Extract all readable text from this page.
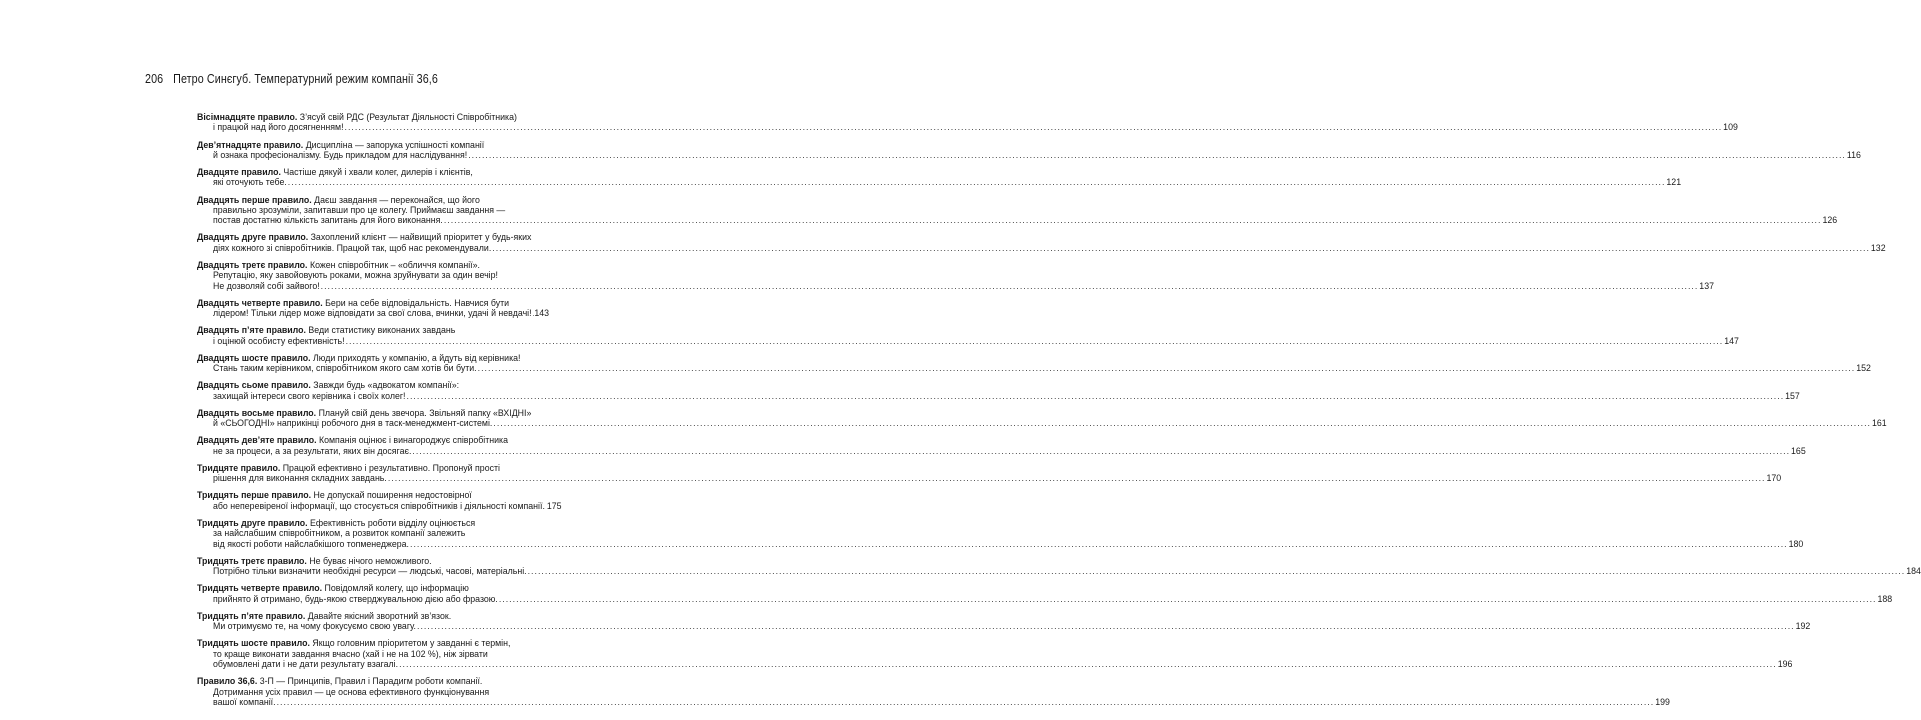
206 Петро Синєгуб. Температурний режим компанії 36,6
Вісімнадцяте правило. З’ясуй свій РДС (Результат Діяльності Співробітника)
і працюй над його досягненням! ................................................................................................................................................................................................................................................................................................................................................................................................................ 109
Дев’ятнадцяте правило. Дисципліна — запорука успішності компанії
й ознака професіоналізму. Будь прикладом для наслідування! ................................................................................................................................................................................................................................................................................................................................................................................................................ 116
Двадцяте правило. Частіше дякуй і хвали колег, дилерів і клієнтів,
які оточують тебе. ................................................................................................................................................................................................................................................................................................................................................................................................................ 121
Двадцять перше правило. Даєш завдання — переконайся, що його
правильно зрозуміли, запитавши про це колегу. Приймаєш завдання —
постав достатню кількість запитань для його виконання. ................................................................................................................................................................................................................................................................................................................................................................................................................ 126
Двадцять друге правило. Захоплений клієнт — найвищий пріоритет у будь-яких
діях кожного зі співробітників. Працюй так, щоб нас рекомендували. ................................................................................................................................................................................................................................................................................................................................................................................................................ 132
Двадцять третє правило. Кожен співробітник – «обличчя компанії».
Репутацію, яку завойовують роками, можна зруйнувати за один вечір!
Не дозволяй собі зайвого! ................................................................................................................................................................................................................................................................................................................................................................................................................ 137
Двадцять четверте правило. Бери на себе відповідальність. Навчися бути
лідером! Тільки лідер може відповідати за свої слова, вчинки, удачі й невдачі! 143
Двадцять п’яте правило. Веди статистику виконаних завдань
і оцінюй особисту ефективність! ................................................................................................................................................................................................................................................................................................................................................................................................................ 147
Двадцять шосте правило. Люди приходять у компанію, а йдуть від керівника!
Стань таким керівником, співробітником якого сам хотів би бути. ................................................................................................................................................................................................................................................................................................................................................................................................................ 152
Двадцять сьоме правило. Завжди будь «адвокатом компанії»:
захищай інтереси свого керівника і своїх колег! ................................................................................................................................................................................................................................................................................................................................................................................................................ 157
Двадцять восьме правило. Плануй свій день звечора. Звільняй папку «ВХІДНІ»
й «СЬОГОДНІ» наприкінці робочого дня в таск-менеджмент-системі. ................................................................................................................................................................................................................................................................................................................................................................................................................ 161
Двадцять дев’яте правило. Компанія оцінює і винагороджує співробітника
не за процеси, а за результати, яких він досягає. ................................................................................................................................................................................................................................................................................................................................................................................................................ 165
Тридцяте правило. Працюй ефективно і результативно. Пропонуй прості
рішення для виконання складних завдань. ................................................................................................................................................................................................................................................................................................................................................................................................................ 170
Тридцять перше правило. Не допускай поширення недостовірної
або неперевіреної інформації, що стосується співробітників і діяльності компанії. 175
Тридцять друге правило. Ефективність роботи відділу оцінюється
за найслабшим співробітником, а розвиток компанії залежить
від якості роботи найслабкішого топменеджера. ................................................................................................................................................................................................................................................................................................................................................................................................................ 180
Тридцять третє правило. Не буває нічого неможливого.
Потрібно тільки визначити необхідні ресурси — людські, часові, матеріальні. ................................................................................................................................................................................................................................................................................................................................................................................................................ 184
Тридцять четверте правило. Повідомляй колегу, що інформацію
прийнято й отримано, будь-якою стверджувальною дією або фразою. ................................................................................................................................................................................................................................................................................................................................................................................................................ 188
Тридцять п’яте правило. Давайте якісний зворотний зв’язок.
Ми отримуємо те, на чому фокусуємо свою увагу. ................................................................................................................................................................................................................................................................................................................................................................................................................ 192
Тридцять шосте правило. Якщо головним пріоритетом у завданні є термін,
то краще виконати завдання вчасно (хай і не на 102 %), ніж зірвати
обумовлені дати і не дати результату взагалі. ................................................................................................................................................................................................................................................................................................................................................................................................................ 196
Правило 36,6. 3-П — Принципів, Правил і Парадигм роботи компанії.
Дотримання усіх правил — це основа ефективного функціонування
вашої компанії. ................................................................................................................................................................................................................................................................................................................................................................................................................ 199
